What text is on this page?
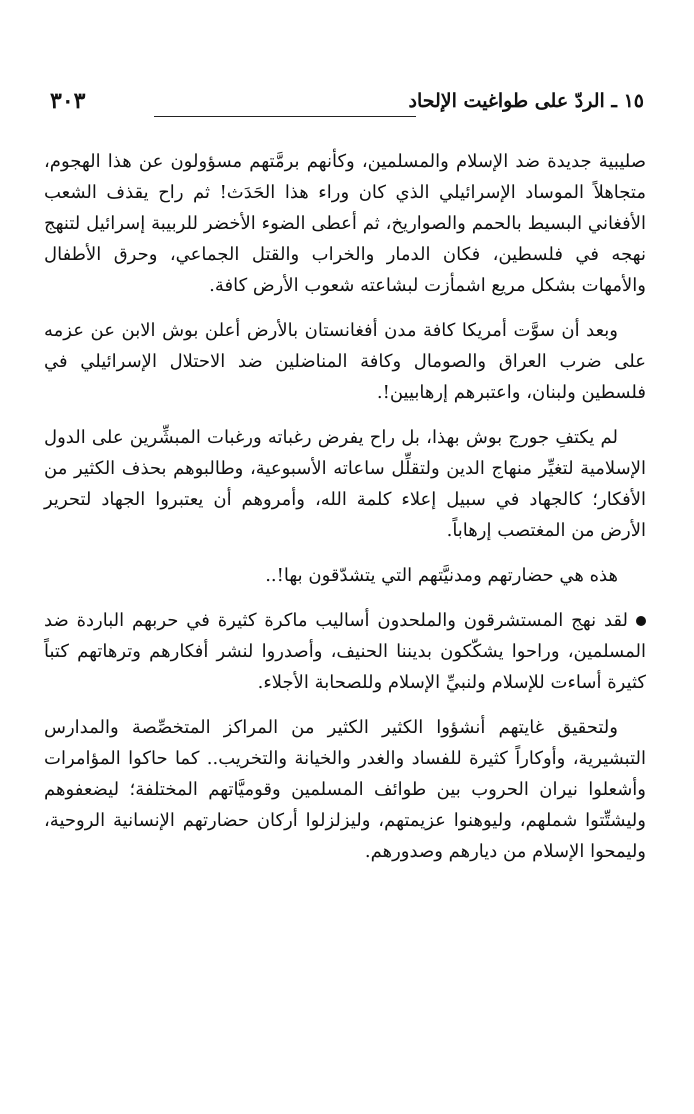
١٥ ـ الردّ على طواغيت الإلحاد
٣٠٣

صليبية جديدة ضد الإسلام والمسلمين، وكأنهم برمَّتهم مسؤولون عن هذا الهجوم، متجاهلاً الموساد الإسرائيلي الذي كان وراء هذا الحَدَث! ثم راح يقذف الشعب الأفغاني البسيط بالحمم والصواريخ، ثم أعطى الضوء الأخضر للربيبة إسرائيل لتنهج نهجه في فلسطين، فكان الدمار والخراب والقتل الجماعي، وحرق الأطفال والأمهات بشكل مريع اشمأزت لبشاعته شعوب الأرض كافة.

وبعد أن سوَّت أمريكا كافة مدن أفغانستان بالأرض أعلن بوش الابن عن عزمه على ضرب العراق والصومال وكافة المناضلين ضد الاحتلال الإسرائيلي في فلسطين ولبنان، واعتبرهم إرهابيين!.

لم يكتفِ جورج بوش بهذا، بل راح يفرض رغباته ورغبات المبشِّرين على الدول الإسلامية لتغيِّر منهاج الدين ولتقلِّل ساعاته الأسبوعية، وطالبوهم بحذف الكثير من الأفكار؛ كالجهاد في سبيل إعلاء كلمة الله، وأمروهم أن يعتبروا الجهاد لتحرير الأرض من المغتصب إرهاباً.

هذه هي حضارتهم ومدنيَّتهم التي يتشدّقون بها!..

لقد نهج المستشرقون والملحدون أساليب ماكرة كثيرة في حربهم الباردة ضد المسلمين، وراحوا يشكّكون بديننا الحنيف، وأصدروا لنشر أفكارهم وترهاتهم كتباً كثيرة أساءت للإسلام ولنبيِّ الإسلام وللصحابة الأجلاء.

ولتحقيق غايتهم أنشؤوا الكثير الكثير من المراكز المتخصِّصة والمدارس التبشيرية، وأوكاراً كثيرة للفساد والغدر والخيانة والتخريب.. كما حاكوا المؤامرات وأشعلوا نيران الحروب بين طوائف المسلمين وقوميَّاتهم المختلفة؛ ليضعفوهم وليشتِّتوا شملهم، وليوهنوا عزيمتهم، وليزلزلوا أركان حضارتهم الإنسانية الروحية، وليمحوا الإسلام من ديارهم وصدورهم.
